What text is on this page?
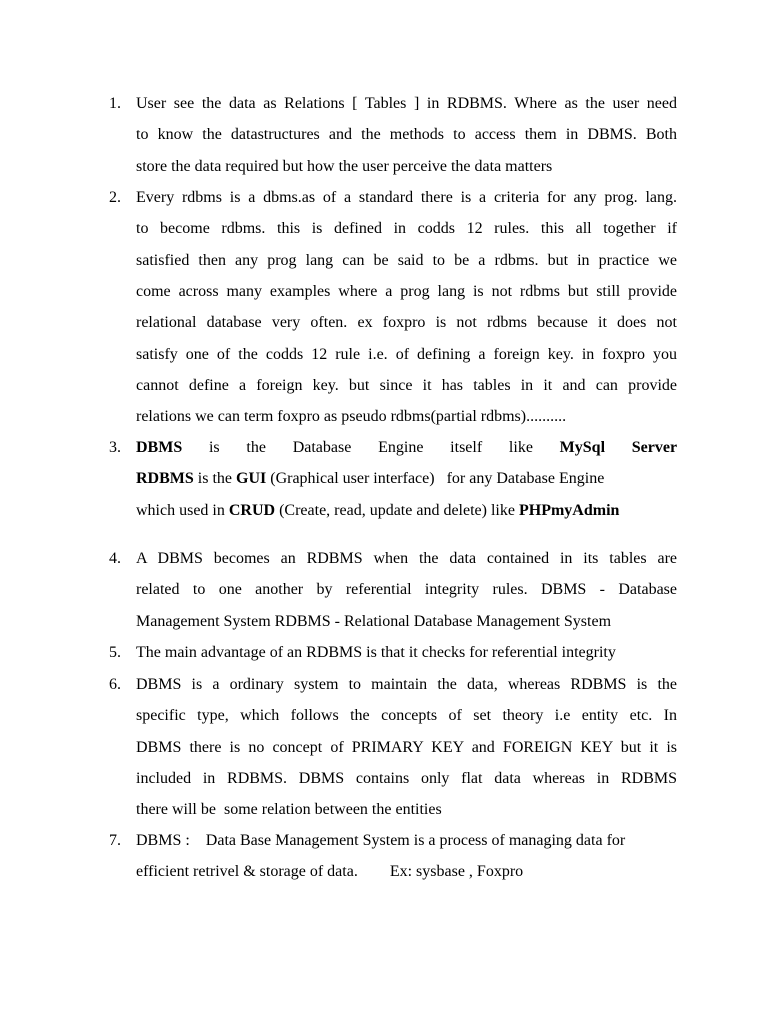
1. User see the data as Relations [ Tables ] in RDBMS. Where as the user need
to know the datastructures and the methods to access them in DBMS. Both
store the data required but how the user perceive the data matters
2. Every rdbms is a dbms.as of a standard there is a criteria for any prog. lang.
to become rdbms. this is defined in codds 12 rules. this all together if
satisfied then any prog lang can be said to be a rdbms. but in practice we
come across many examples where a prog lang is not rdbms but still provide
relational database very often. ex foxpro is not rdbms because it does not
satisfy one of the codds 12 rule i.e. of defining a foreign key. in foxpro you
cannot define a foreign key. but since it has tables in it and can provide
relations we can term foxpro as pseudo rdbms(partial rdbms)..........
3. DBMS is the Database Engine itself like MySql Server
RDBMS is the GUI (Graphical user interface)   for any Database Engine
which used in CRUD (Create, read, update and delete) like PHPmyAdmin
4. A DBMS becomes an RDBMS when the data contained in its tables are
related to one another by referential integrity rules. DBMS - Database
Management System RDBMS - Relational Database Management System
5. The main advantage of an RDBMS is that it checks for referential integrity
6. DBMS is a ordinary system to maintain the data, whereas RDBMS is the
specific type, which follows the concepts of set theory i.e entity etc. In
DBMS there is no concept of PRIMARY KEY and FOREIGN KEY but it is
included in RDBMS. DBMS contains only flat data whereas in RDBMS
there will be  some relation between the entities
7. DBMS :    Data Base Management System is a process of managing data for
efficient retrivel & storage of data.        Ex: sysbase , Foxpro
